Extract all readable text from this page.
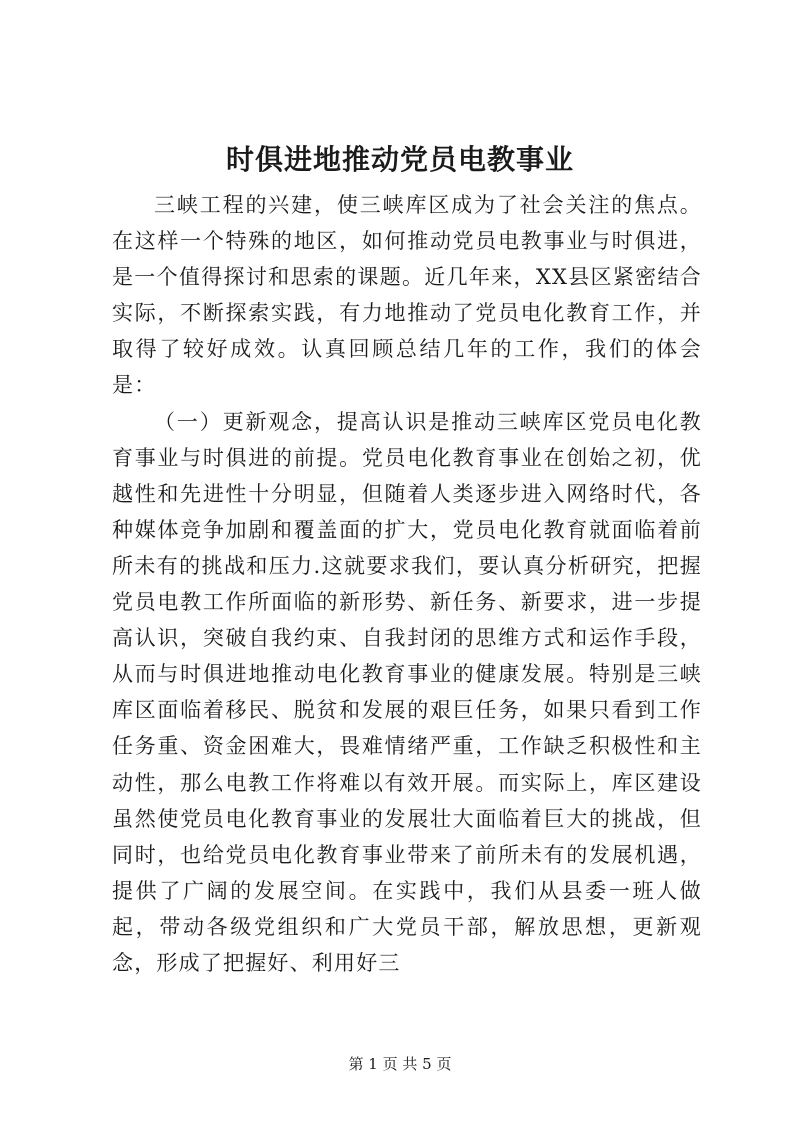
时俱进地推动党员电教事业

三峡工程的兴建，使三峡库区成为了社会关注的焦点。在这样一个特殊的地区，如何推动党员电教事业与时俱进，是一个值得探讨和思索的课题。近几年来，XX县区紧密结合实际，不断探索实践，有力地推动了党员电化教育工作，并取得了较好成效。认真回顾总结几年的工作，我们的体会是：

（一）更新观念，提高认识是推动三峡库区党员电化教育事业与时俱进的前提。党员电化教育事业在创始之初，优越性和先进性十分明显，但随着人类逐步进入网络时代，各种媒体竞争加剧和覆盖面的扩大，党员电化教育就面临着前所未有的挑战和压力.这就要求我们，要认真分析研究，把握党员电教工作所面临的新形势、新任务、新要求，进一步提高认识，突破自我约束、自我封闭的思维方式和运作手段，从而与时俱进地推动电化教育事业的健康发展。特别是三峡库区面临着移民、脱贫和发展的艰巨任务，如果只看到工作任务重、资金困难大，畏难情绪严重，工作缺乏积极性和主动性，那么电教工作将难以有效开展。而实际上，库区建设虽然使党员电化教育事业的发展壮大面临着巨大的挑战，但同时，也给党员电化教育事业带来了前所未有的发展机遇，提供了广阔的发展空间。在实践中，我们从县委一班人做起，带动各级党组织和广大党员干部，解放思想，更新观念，形成了把握好、利用好三

第 1 页 共 5 页
